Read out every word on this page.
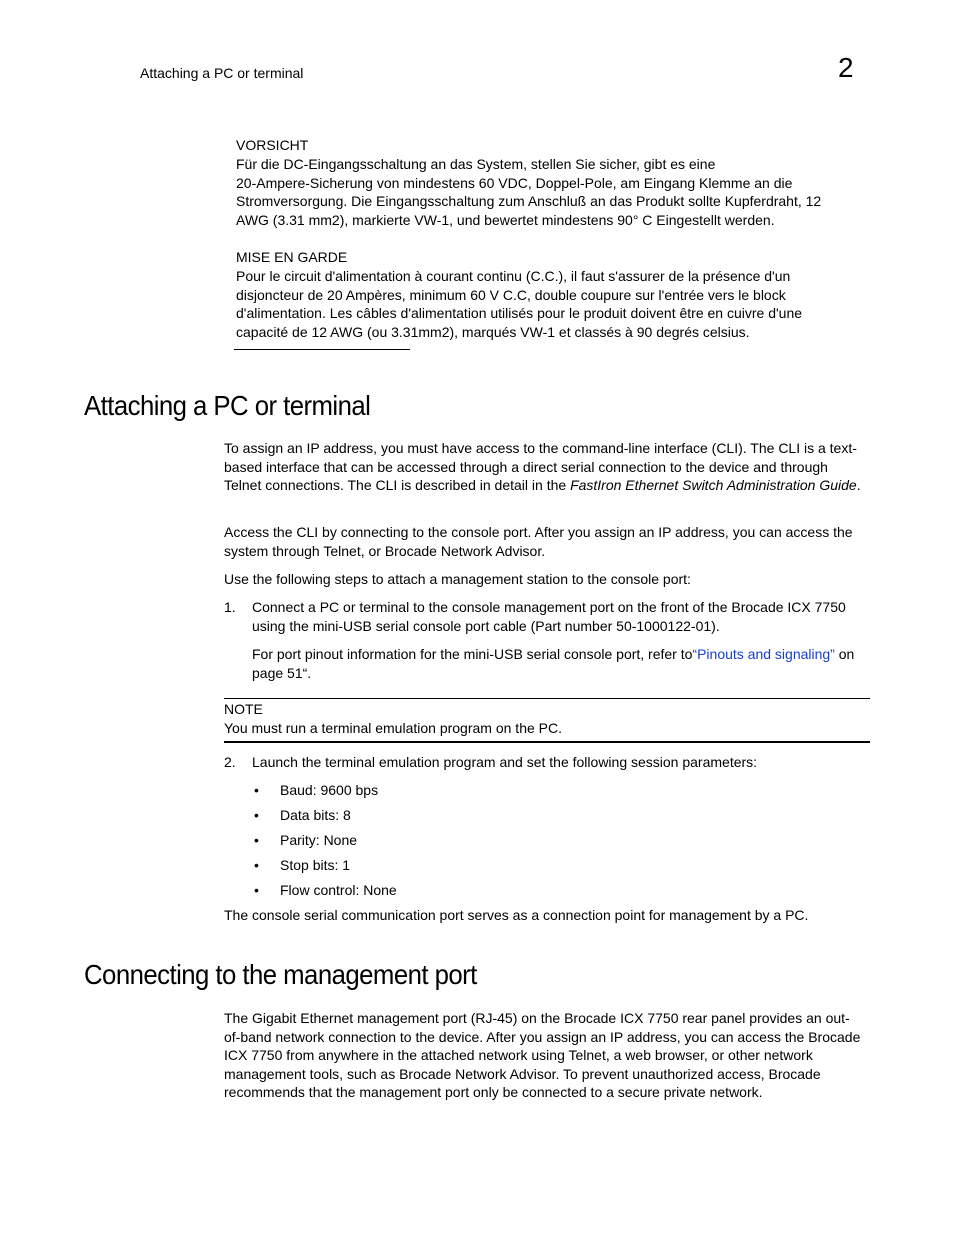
Attaching a PC or terminal	2
VORSICHT
Für die DC-Eingangsschaltung an das System, stellen Sie sicher, gibt es eine
20-Ampere-Sicherung von mindestens 60 VDC, Doppel-Pole, am Eingang Klemme an die
Stromversorgung. Die Eingangsschaltung zum Anschluß an das Produkt sollte Kupferdraht, 12
AWG (3.31 mm2), markierte VW-1, und bewertet mindestens 90° C Eingestellt werden.
MISE EN GARDE
Pour le circuit d'alimentation à courant continu (C.C.), il faut s'assurer de la présence d'un
disjoncteur de 20 Ampères, minimum 60 V C.C, double coupure sur l'entrée vers le block
d'alimentation. Les câbles d'alimentation utilisés pour le produit doivent être en cuivre d'une
capacité de 12 AWG (ou 3.31mm2), marqués VW-1 et classés à 90 degrés celsius.
Attaching a PC or terminal

To assign an IP address, you must have access to the command-line interface (CLI). The CLI is a text-based interface that can be accessed through a direct serial connection to the device and through Telnet connections. The CLI is described in detail in the FastIron Ethernet Switch Administration Guide.

Access the CLI by connecting to the console port. After you assign an IP address, you can access the system through Telnet, or Brocade Network Advisor.

Use the following steps to attach a management station to the console port:

1. Connect a PC or terminal to the console management port on the front of the Brocade ICX 7750 using the mini-USB serial console port cable (Part number 50-1000122-01).
For port pinout information for the mini-USB serial console port, refer to“Pinouts and signaling” on page 51“.
NOTE
You must run a terminal emulation program on the PC.
2. Launch the terminal emulation program and set the following session parameters:
• Baud: 9600 bps
• Data bits: 8
• Parity: None
• Stop bits: 1
• Flow control: None

The console serial communication port serves as a connection point for management by a PC.

Connecting to the management port

The Gigabit Ethernet management port (RJ-45) on the Brocade ICX 7750 rear panel provides an out-of-band network connection to the device. After you assign an IP address, you can access the Brocade ICX 7750 from anywhere in the attached network using Telnet, a web browser, or other network management tools, such as Brocade Network Advisor. To prevent unauthorized access, Brocade recommends that the management port only be connected to a secure private network.
